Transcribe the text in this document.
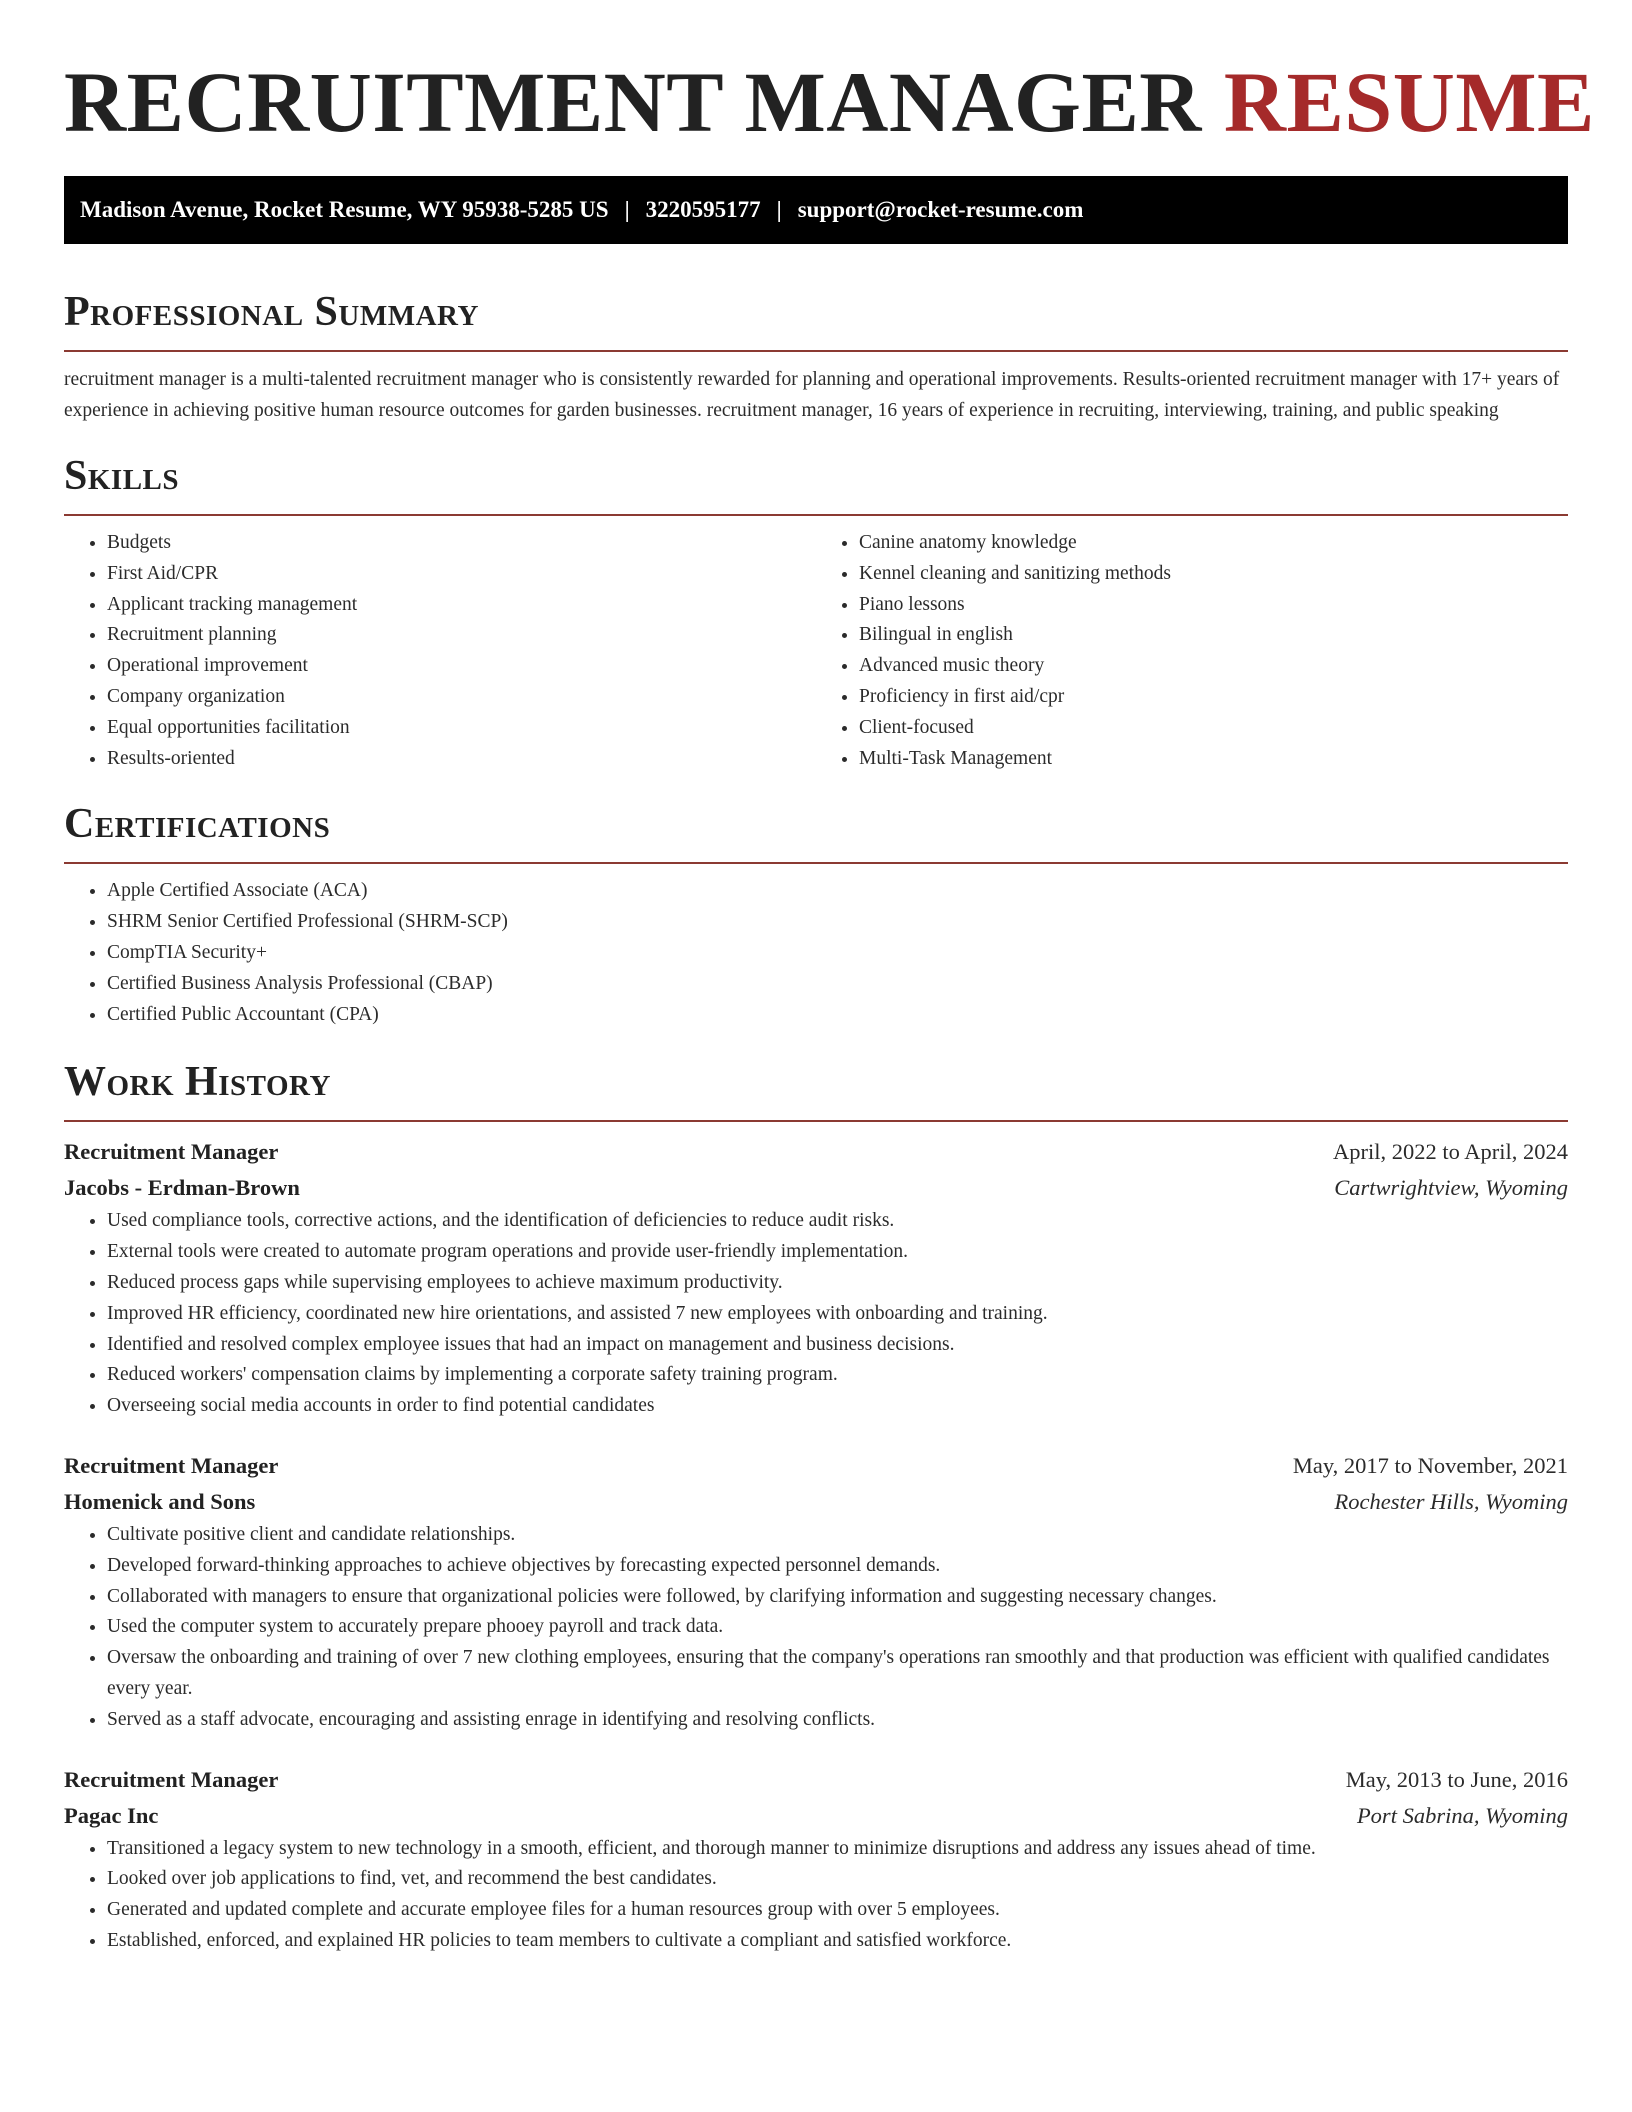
RECRUITMENT MANAGER RESUME
Madison Avenue, Rocket Resume, WY 95938-5285 US | 3220595177 | support@rocket-resume.com
Professional Summary

recruitment manager is a multi-talented recruitment manager who is consistently rewarded for planning and operational improvements. Results-oriented recruitment manager with 17+ years of experience in achieving positive human resource outcomes for garden businesses. recruitment manager, 16 years of experience in recruiting, interviewing, training, and public speaking

Skills
• Budgets
• First Aid/CPR
• Applicant tracking management
• Recruitment planning
• Operational improvement
• Company organization
• Equal opportunities facilitation
• Results-oriented
• Canine anatomy knowledge
• Kennel cleaning and sanitizing methods
• Piano lessons
• Bilingual in english
• Advanced music theory
• Proficiency in first aid/cpr
• Client-focused
• Multi-Task Management
Certifications
• Apple Certified Associate (ACA)
• SHRM Senior Certified Professional (SHRM-SCP)
• CompTIA Security+
• Certified Business Analysis Professional (CBAP)
• Certified Public Accountant (CPA)
Work History
Recruitment Manager	April, 2022 to April, 2024
Jacobs - Erdman-Brown	Cartwrightview, Wyoming
• Used compliance tools, corrective actions, and the identification of deficiencies to reduce audit risks.
• External tools were created to automate program operations and provide user-friendly implementation.
• Reduced process gaps while supervising employees to achieve maximum productivity.
• Improved HR efficiency, coordinated new hire orientations, and assisted 7 new employees with onboarding and training.
• Identified and resolved complex employee issues that had an impact on management and business decisions.
• Reduced workers' compensation claims by implementing a corporate safety training program.
• Overseeing social media accounts in order to find potential candidates
Recruitment Manager	May, 2017 to November, 2021
Homenick and Sons	Rochester Hills, Wyoming
• Cultivate positive client and candidate relationships.
• Developed forward-thinking approaches to achieve objectives by forecasting expected personnel demands.
• Collaborated with managers to ensure that organizational policies were followed, by clarifying information and suggesting necessary changes.
• Used the computer system to accurately prepare phooey payroll and track data.
• Oversaw the onboarding and training of over 7 new clothing employees, ensuring that the company's operations ran smoothly and that production was efficient with qualified candidates every year.
• Served as a staff advocate, encouraging and assisting enrage in identifying and resolving conflicts.
Recruitment Manager	May, 2013 to June, 2016
Pagac Inc	Port Sabrina, Wyoming
• Transitioned a legacy system to new technology in a smooth, efficient, and thorough manner to minimize disruptions and address any issues ahead of time.
• Looked over job applications to find, vet, and recommend the best candidates.
• Generated and updated complete and accurate employee files for a human resources group with over 5 employees.
• Established, enforced, and explained HR policies to team members to cultivate a compliant and satisfied workforce.
